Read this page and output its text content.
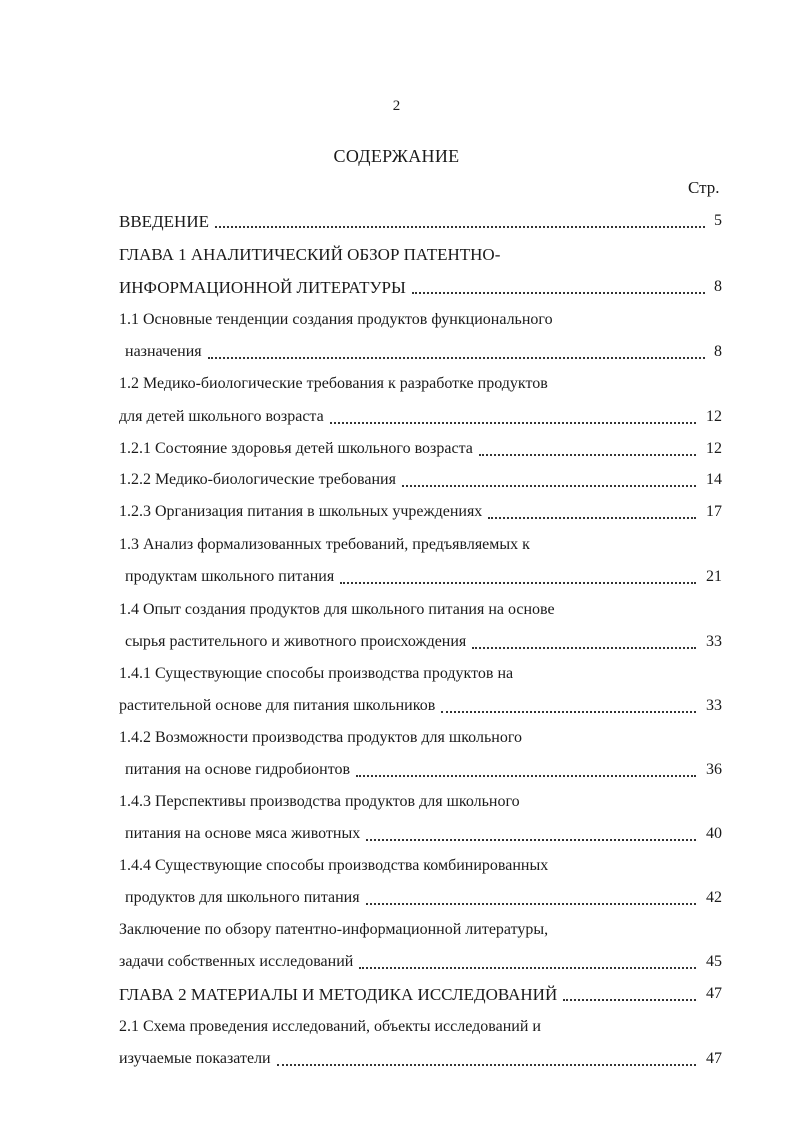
2
СОДЕРЖАНИЕ
Стр.
ВВЕДЕНИЕ	5
ГЛАВА 1 АНАЛИТИЧЕСКИЙ ОБЗОР ПАТЕНТНО-
ИНФОРМАЦИОННОЙ ЛИТЕРАТУРЫ	8
1.1 Основные тенденции создания продуктов функционального
назначения	8
1.2 Медико-биологические требования к разработке продуктов
для детей школьного возраста	12
1.2.1 Состояние здоровья детей школьного возраста	12
1.2.2 Медико-биологические требования	14
1.2.3 Организация питания в школьных учреждениях	17
1.3 Анализ формализованных требований, предъявляемых к
продуктам школьного питания	21
1.4 Опыт создания продуктов для школьного питания на основе
сырья растительного и животного происхождения	33
1.4.1 Существующие способы производства продуктов на
растительной основе для питания школьников	33
1.4.2 Возможности производства продуктов для школьного
питания на основе гидробионтов	36
1.4.3 Перспективы производства продуктов для школьного
питания на основе мяса животных	40
1.4.4 Существующие способы производства комбинированных
продуктов для школьного питания	42
Заключение по обзору патентно-информационной литературы,
задачи собственных исследований	45
ГЛАВА 2 МАТЕРИАЛЫ И МЕТОДИКА ИССЛЕДОВАНИЙ	47
2.1 Схема проведения исследований, объекты исследований и
изучаемые показатели	47
